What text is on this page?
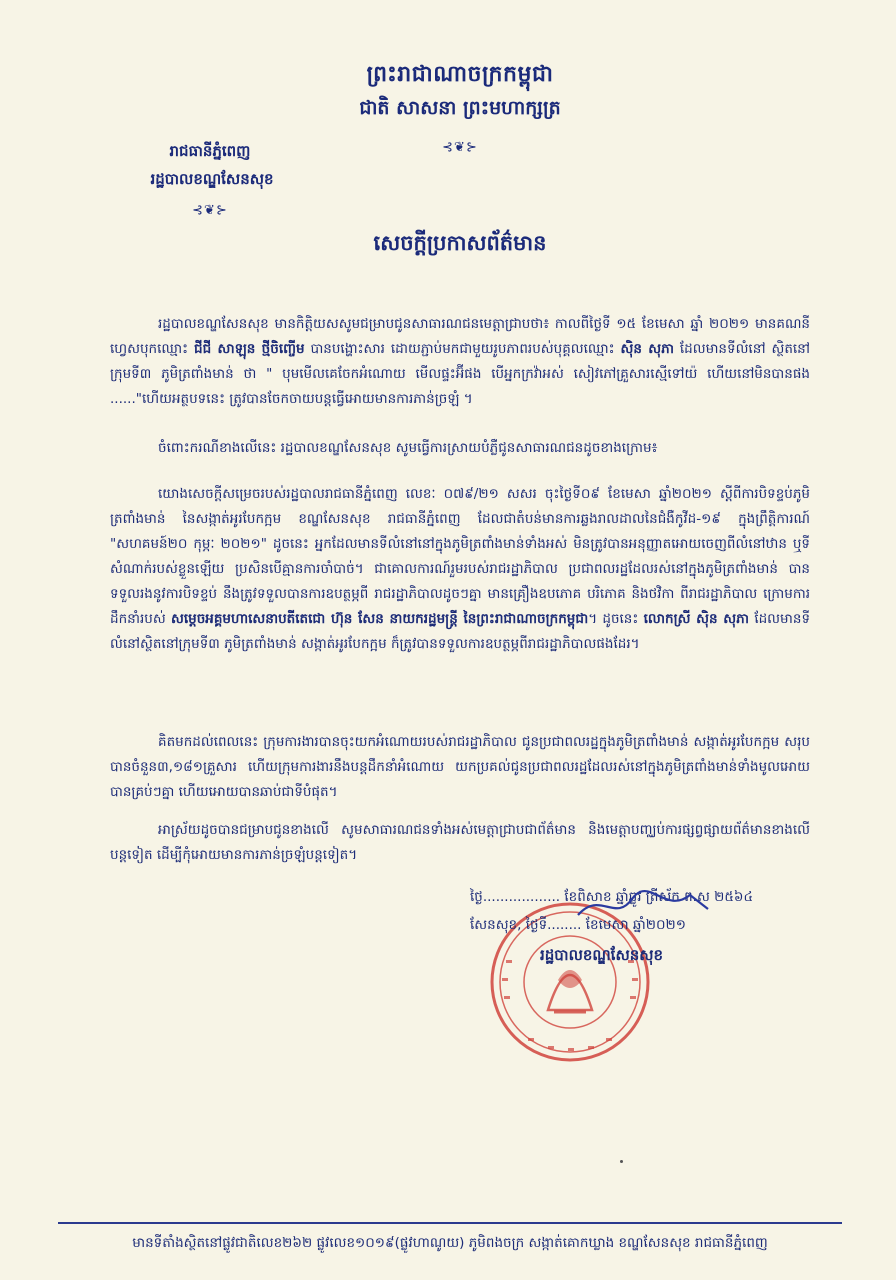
ព្រះរាជាណាចក្រកម្ពុជា
ជាតិ សាសនា ព្រះមហាក្សត្រ
⊰❦⊱
រាជធានីភ្នំពេញ
រដ្ឋបាលខណ្ឌសែនសុខ
⊰❦⊱
សេចក្តីប្រកាសព័ត៌មាន
រដ្ឋបាលខណ្ឌសែនសុខ មានកិត្តិយសសូមជម្រាបជូនសាធារណជនមេត្តាជ្រាបថា៖ កាលពីថ្ងៃទី ១៥ ខែមេសា ឆ្នាំ ២០២១ មានគណនីហ្វេសបុកឈ្មោះ ជីជី សាឡុន ថ្មីចិញ្ចើម បានបង្ហោះសារ ដោយភ្ជាប់មកជាមួយរូបភាពរបស់បុគ្គលឈ្មោះ ស៊ិន សុភា ដែលមានទីលំនៅ ស្ថិតនៅក្រុមទី៣ ភូមិត្រពាំងមាន់ ថា " បុមមើលគេចែកអំណោយ មើលផ្ទះអ៊ីផង បើអ្នកក្រវ៉ាអស់ សៀវភៅគ្រួសារស្មើទៅយ៉ ហើយនៅមិនបានផង ......"ហើយអត្ថបទនេះ ត្រូវបានចែកចាយបន្តធ្វើអោយមានការភាន់ច្រឡំ ។
ចំពោះករណីខាងលើនេះ រដ្ឋបាលខណ្ឌសែនសុខ សូមធ្វើការស្រាយបំភ្លឺជូនសាធារណជនដូចខាងក្រោម៖
យោងសេចក្តីសម្រេចរបស់រដ្ឋបាលរាជធានីភ្នំពេញ លេខៈ ០៧៩/២១ សសរ ចុះថ្ងៃទី០៩ ខែមេសា ឆ្នាំ២០២១ ស្តីពីការបិទខ្ទប់ភូមិត្រពាំងមាន់ នៃសង្កាត់អូរបែកក្អម ខណ្ឌសែនសុខ រាជធានីភ្នំពេញ ដែលជាតំបន់មានការឆ្លងរាលដាលនៃជំងឺកូវីដ-១៩ ក្នុងព្រឹត្តិការណ៍ "សហគមន៍២០ កុម្ភៈ ២០២១" ដូចនេះ អ្នកដែលមានទីលំនៅនៅក្នុងភូមិត្រពាំងមាន់ទាំងអស់ មិនត្រូវបានអនុញ្ញាតអោយចេញពីលំនៅឋាន ឬទីសំណាក់របស់ខ្លួនឡើយ ប្រសិនបើគ្មានការចាំបាច់។ ជាគោលការណ៍រួមរបស់រាជរដ្ឋាភិបាល ប្រជាពលរដ្ឋដែលរស់នៅក្នុងភូមិត្រពាំងមាន់ បានទទួលរងនូវការបិទខ្ទប់ នឹងត្រូវទទួលបានការឧបត្ថម្ភពី រាជរដ្ឋាភិបាលដូចៗគ្នា មានគ្រឿងឧបភោគ បរិភោគ និងថវិកា ពីរាជរដ្ឋាភិបាល ក្រោមការដឹកនាំរបស់ សម្តេចអគ្គមហាសេនាបតីតេជោ ហ៊ុន សែន នាយករដ្ឋមន្ត្រី នៃព្រះរាជាណាចក្រកម្ពុជា។ ដូចនេះ លោកស្រី ស៊ិន សុភា ដែលមានទីលំនៅស្ថិតនៅក្រុមទី៣ ភូមិត្រពាំងមាន់ សង្កាត់អូរបែកក្អម ក៏ត្រូវបានទទួលការឧបត្ថម្ភពីរាជរដ្ឋាភិបាលផងដែរ។
គិតមកដល់ពេលនេះ ក្រុមការងារបានចុះយកអំណោយរបស់រាជរដ្ឋាភិបាល ជូនប្រជាពលរដ្ឋក្នុងភូមិត្រពាំងមាន់ សង្កាត់អូរបែកក្អម សរុបបានចំនួន៣,១៨១គ្រួសារ ហើយក្រុមការងារនឹងបន្តដឹកនាំអំណោយ យកប្រគល់ជូនប្រជាពលរដ្ឋដែលរស់នៅក្នុងភូមិត្រពាំងមាន់ទាំងមូលអោយបានគ្រប់ៗគ្នា ហើយអោយបានឆាប់ជាទីបំផុត។
អាស្រ័យដូចបានជម្រាបជូនខាងលើ សូមសាធារណជនទាំងអស់មេត្តាជ្រាបជាព័ត៌មាន និងមេត្តាបញ្ឈប់ការផ្សព្វផ្សាយព័ត៌មានខាងលើបន្តទៀត ដើម្បីកុំអោយមានការភាន់ច្រឡំបន្តទៀត។
ថ្ងៃ.................. ខែពិសាខ ឆ្នាំឆ្លូវ ត្រីស័ក ព.ស ២៥៦៤
សែនសុខ, ថ្ងៃទី........ ខែមេសា ឆ្នាំ២០២១
រដ្ឋបាលខណ្ឌសែនសុខ
មានទីតាំងស្ថិតនៅផ្លូវជាតិលេខ២៦២ ផ្លូវលេខ១០១៩(ផ្លូវហាណូយ) ភូមិពងចក្រ សង្កាត់គោកឃ្លាង ខណ្ឌសែនសុខ រាជធានីភ្នំពេញ
